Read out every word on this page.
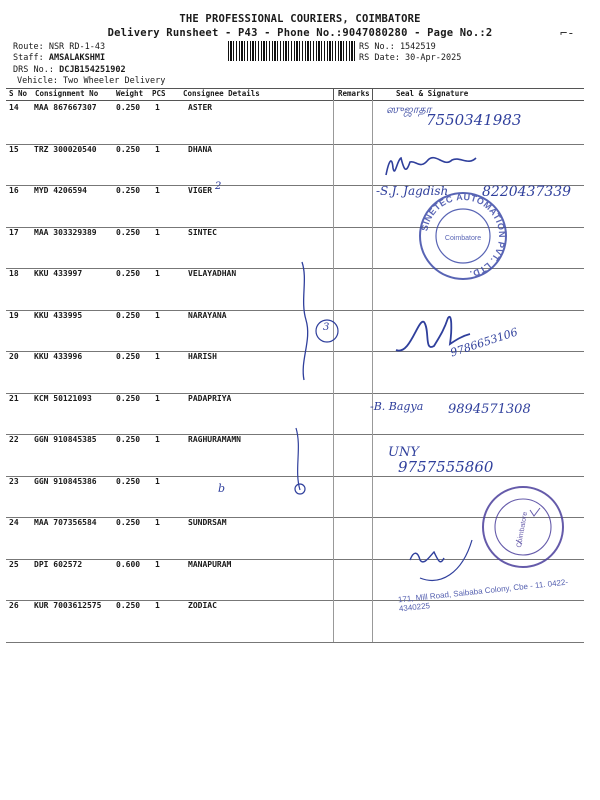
THE PROFESSIONAL COURIERS, COIMBATORE
Delivery Runsheet - P43 - Phone No.:9047080280 - Page No.:2	⌐-
Route: NSR RD-1-43
Staff: AMSALAKSHMI
DRS No.: DCJB154251902
Vehicle: Two Wheeler Delivery
RS No.: 1542519
RS Date: 30-Apr-2025
S No Consignment No Weight PCS Consignee Details	Remarks	Seal & Signature
14 MAA 867667307 0.250 1	ASTER
15 TRZ 300020540 0.250 1	DHANA
16 MYD 4206594	0.250 1	VIGER
17 MAA 303329389 0.250 1	SINTEC
18 KKU 433997	0.250 1	VELAYADHAN
19 KKU 433995	0.250 1	NARAYANA
20 KKU 433996	0.250 1	HARISH
21 KCM 50121093	0.250 1	PADAPRIYA
22 GGN 910845385 0.250 1	RAGHURAMAMN
23 GGN 910845386 0.250 1
24 MAA 707356584 0.250 1	SUNDRSAM
25 DPI 602572	0.600 1	MANAPURAM
26 KUR 7003612575 0.250 1	ZODIAC
SINETEC AUTOMATION PVT. LTD.
Coimbatore
Coimbatore
ஸுஜாதா
7550341983
2	-S.J. Jagdish 8220437339
3	9786653106
-B. Bagya 9894571308
UNY
9757555860
b
171, Mill Road, Saibaba Colony, Cbe - 11. 0422-4340225
